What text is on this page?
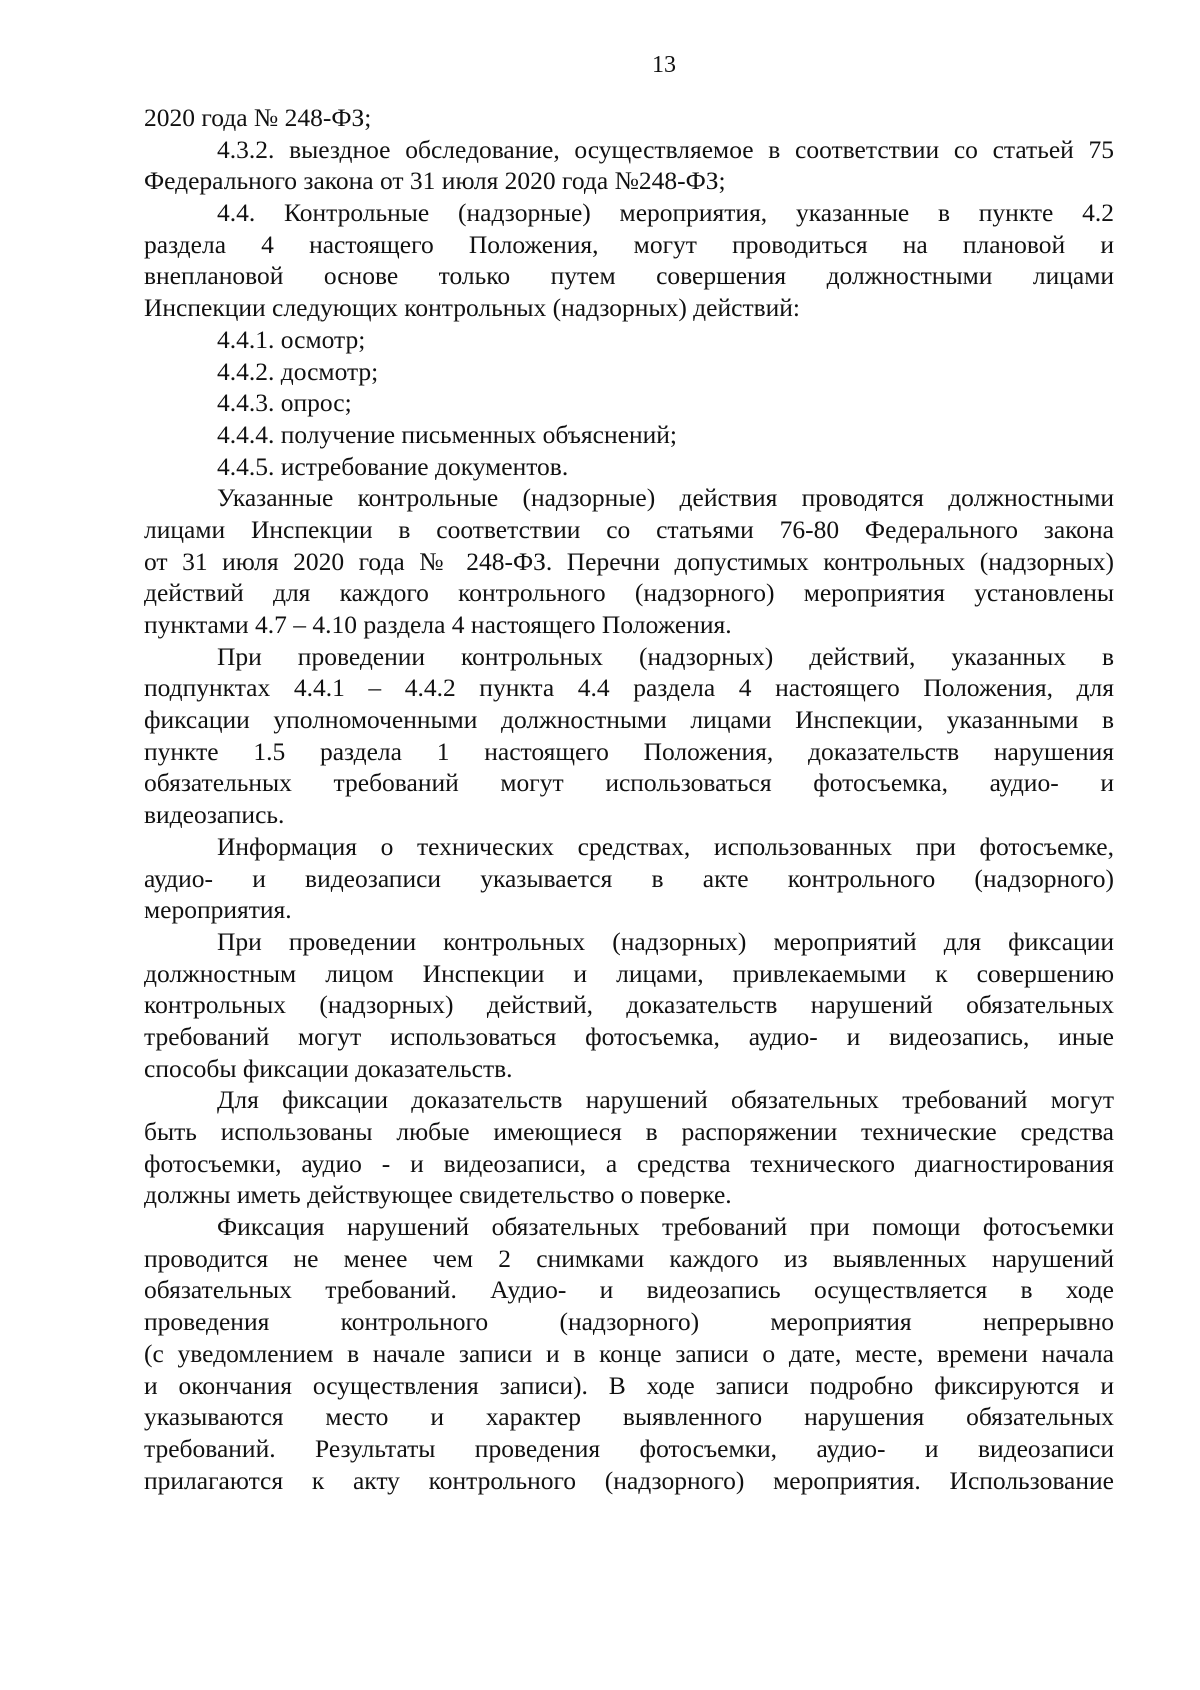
13
2020 года № 248-ФЗ;
4.3.2. выездное обследование, осуществляемое в соответствии со статьей 75
Федерального закона от 31 июля 2020 года №248-ФЗ;
4.4. Контрольные (надзорные) мероприятия, указанные в пункте 4.2
раздела 4 настоящего Положения, могут проводиться на плановой и
внеплановой основе только путем совершения должностными лицами
Инспекции следующих контрольных (надзорных) действий:
4.4.1. осмотр;
4.4.2. досмотр;
4.4.3. опрос;
4.4.4. получение письменных объяснений;
4.4.5. истребование документов.
Указанные контрольные (надзорные) действия проводятся должностными
лицами Инспекции в соответствии со статьями 76-80 Федерального закона
от 31 июля 2020 года № 248-ФЗ. Перечни допустимых контрольных (надзорных)
действий для каждого контрольного (надзорного) мероприятия установлены
пунктами 4.7 – 4.10 раздела 4 настоящего Положения.
При проведении контрольных (надзорных) действий, указанных в
подпунктах 4.4.1 – 4.4.2 пункта 4.4 раздела 4 настоящего Положения, для
фиксации уполномоченными должностными лицами Инспекции, указанными в
пункте 1.5 раздела 1 настоящего Положения, доказательств нарушения
обязательных требований могут использоваться фотосъемка, аудио- и
видеозапись.
Информация о технических средствах, использованных при фотосъемке,
аудио- и видеозаписи указывается в акте контрольного (надзорного)
мероприятия.
При проведении контрольных (надзорных) мероприятий для фиксации
должностным лицом Инспекции и лицами, привлекаемыми к совершению
контрольных (надзорных) действий, доказательств нарушений обязательных
требований могут использоваться фотосъемка, аудио- и видеозапись, иные
способы фиксации доказательств.
Для фиксации доказательств нарушений обязательных требований могут
быть использованы любые имеющиеся в распоряжении технические средства
фотосъемки, аудио - и видеозаписи, а средства технического диагностирования
должны иметь действующее свидетельство о поверке.
Фиксация нарушений обязательных требований при помощи фотосъемки
проводится не менее чем 2 снимками каждого из выявленных нарушений
обязательных требований. Аудио- и видеозапись осуществляется в ходе
проведения контрольного (надзорного) мероприятия непрерывно
(с уведомлением в начале записи и в конце записи о дате, месте, времени начала
и окончания осуществления записи). В ходе записи подробно фиксируются и
указываются место и характер выявленного нарушения обязательных
требований. Результаты проведения фотосъемки, аудио- и видеозаписи
прилагаются к акту контрольного (надзорного) мероприятия. Использование
